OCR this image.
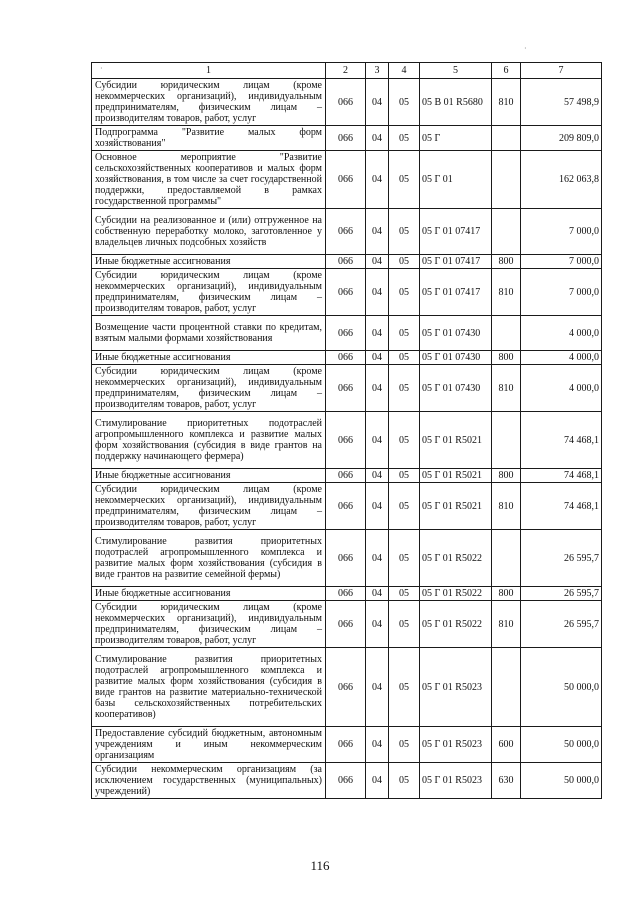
·
·	1	2	3	4	5	6	7
Субсидии юридическим лицам (кроме некоммерческих организаций), индивидуальным предпринимателям, физическим лицам – производителям товаров, работ, услуг	066	04	05	05 В 01 R5680	810	57 498,9
Подпрограмма "Развитие малых форм хозяйствования"	066	04	05	05 Г		209 809,0
Основное мероприятие "Развитие сельскохозяйственных кооперативов и малых форм хозяйствования, в том числе за счет государственной поддержки, предоставляемой в рамках государственной программы"	066	04	05	05 Г 01		162 063,8
Субсидии на реализованное и (или) отгруженное на собственную переработку молоко, заготовленное у владельцев личных подсобных хозяйств	066	04	05	05 Г 01 07417		7 000,0
Иные бюджетные ассигнования	066	04	05	05 Г 01 07417	800	7 000,0
Субсидии юридическим лицам (кроме некоммерческих организаций), индивидуальным предпринимателям, физическим лицам – производителям товаров, работ, услуг	066	04	05	05 Г 01 07417	810	7 000,0
Возмещение части процентной ставки по кредитам, взятым малыми формами хозяйствования	066	04	05	05 Г 01 07430		4 000,0
Иные бюджетные ассигнования	066	04	05	05 Г 01 07430	800	4 000,0
Субсидии юридическим лицам (кроме некоммерческих организаций), индивидуальным предпринимателям, физическим лицам – производителям товаров, работ, услуг	066	04	05	05 Г 01 07430	810	4 000,0
Стимулирование приоритетных подотраслей агропромышленного комплекса и развитие малых форм хозяйствования (субсидия в виде грантов на поддержку начинающего фермера)	066	04	05	05 Г 01 R5021		74 468,1
Иные бюджетные ассигнования	066	04	05	05 Г 01 R5021	800	74 468,1
Субсидии юридическим лицам (кроме некоммерческих организаций), индивидуальным предпринимателям, физическим лицам – производителям товаров, работ, услуг	066	04	05	05 Г 01 R5021	810	74 468,1
Стимулирование развития приоритетных подотраслей агропромышленного комплекса и развитие малых форм хозяйствования (субсидия в виде грантов на развитие семейной фермы)	066	04	05	05 Г 01 R5022		26 595,7
Иные бюджетные ассигнования	066	04	05	05 Г 01 R5022	800	26 595,7
Субсидии юридическим лицам (кроме некоммерческих организаций), индивидуальным предпринимателям, физическим лицам – производителям товаров, работ, услуг	066	04	05	05 Г 01 R5022	810	26 595,7
Стимулирование развития приоритетных подотраслей агропромышленного комплекса и развитие малых форм хозяйствования (субсидия в виде грантов на развитие материально-технической базы сельскохозяйственных потребительских кооперативов)	066	04	05	05 Г 01 R5023		50 000,0
Предоставление субсидий бюджетным, автономным учреждениям и иным некоммерческим организациям	066	04	05	05 Г 01 R5023	600	50 000,0
Субсидии некоммерческим организациям (за исключением государственных (муниципальных) учреждений)	066	04	05	05 Г 01 R5023	630	50 000,0
116
